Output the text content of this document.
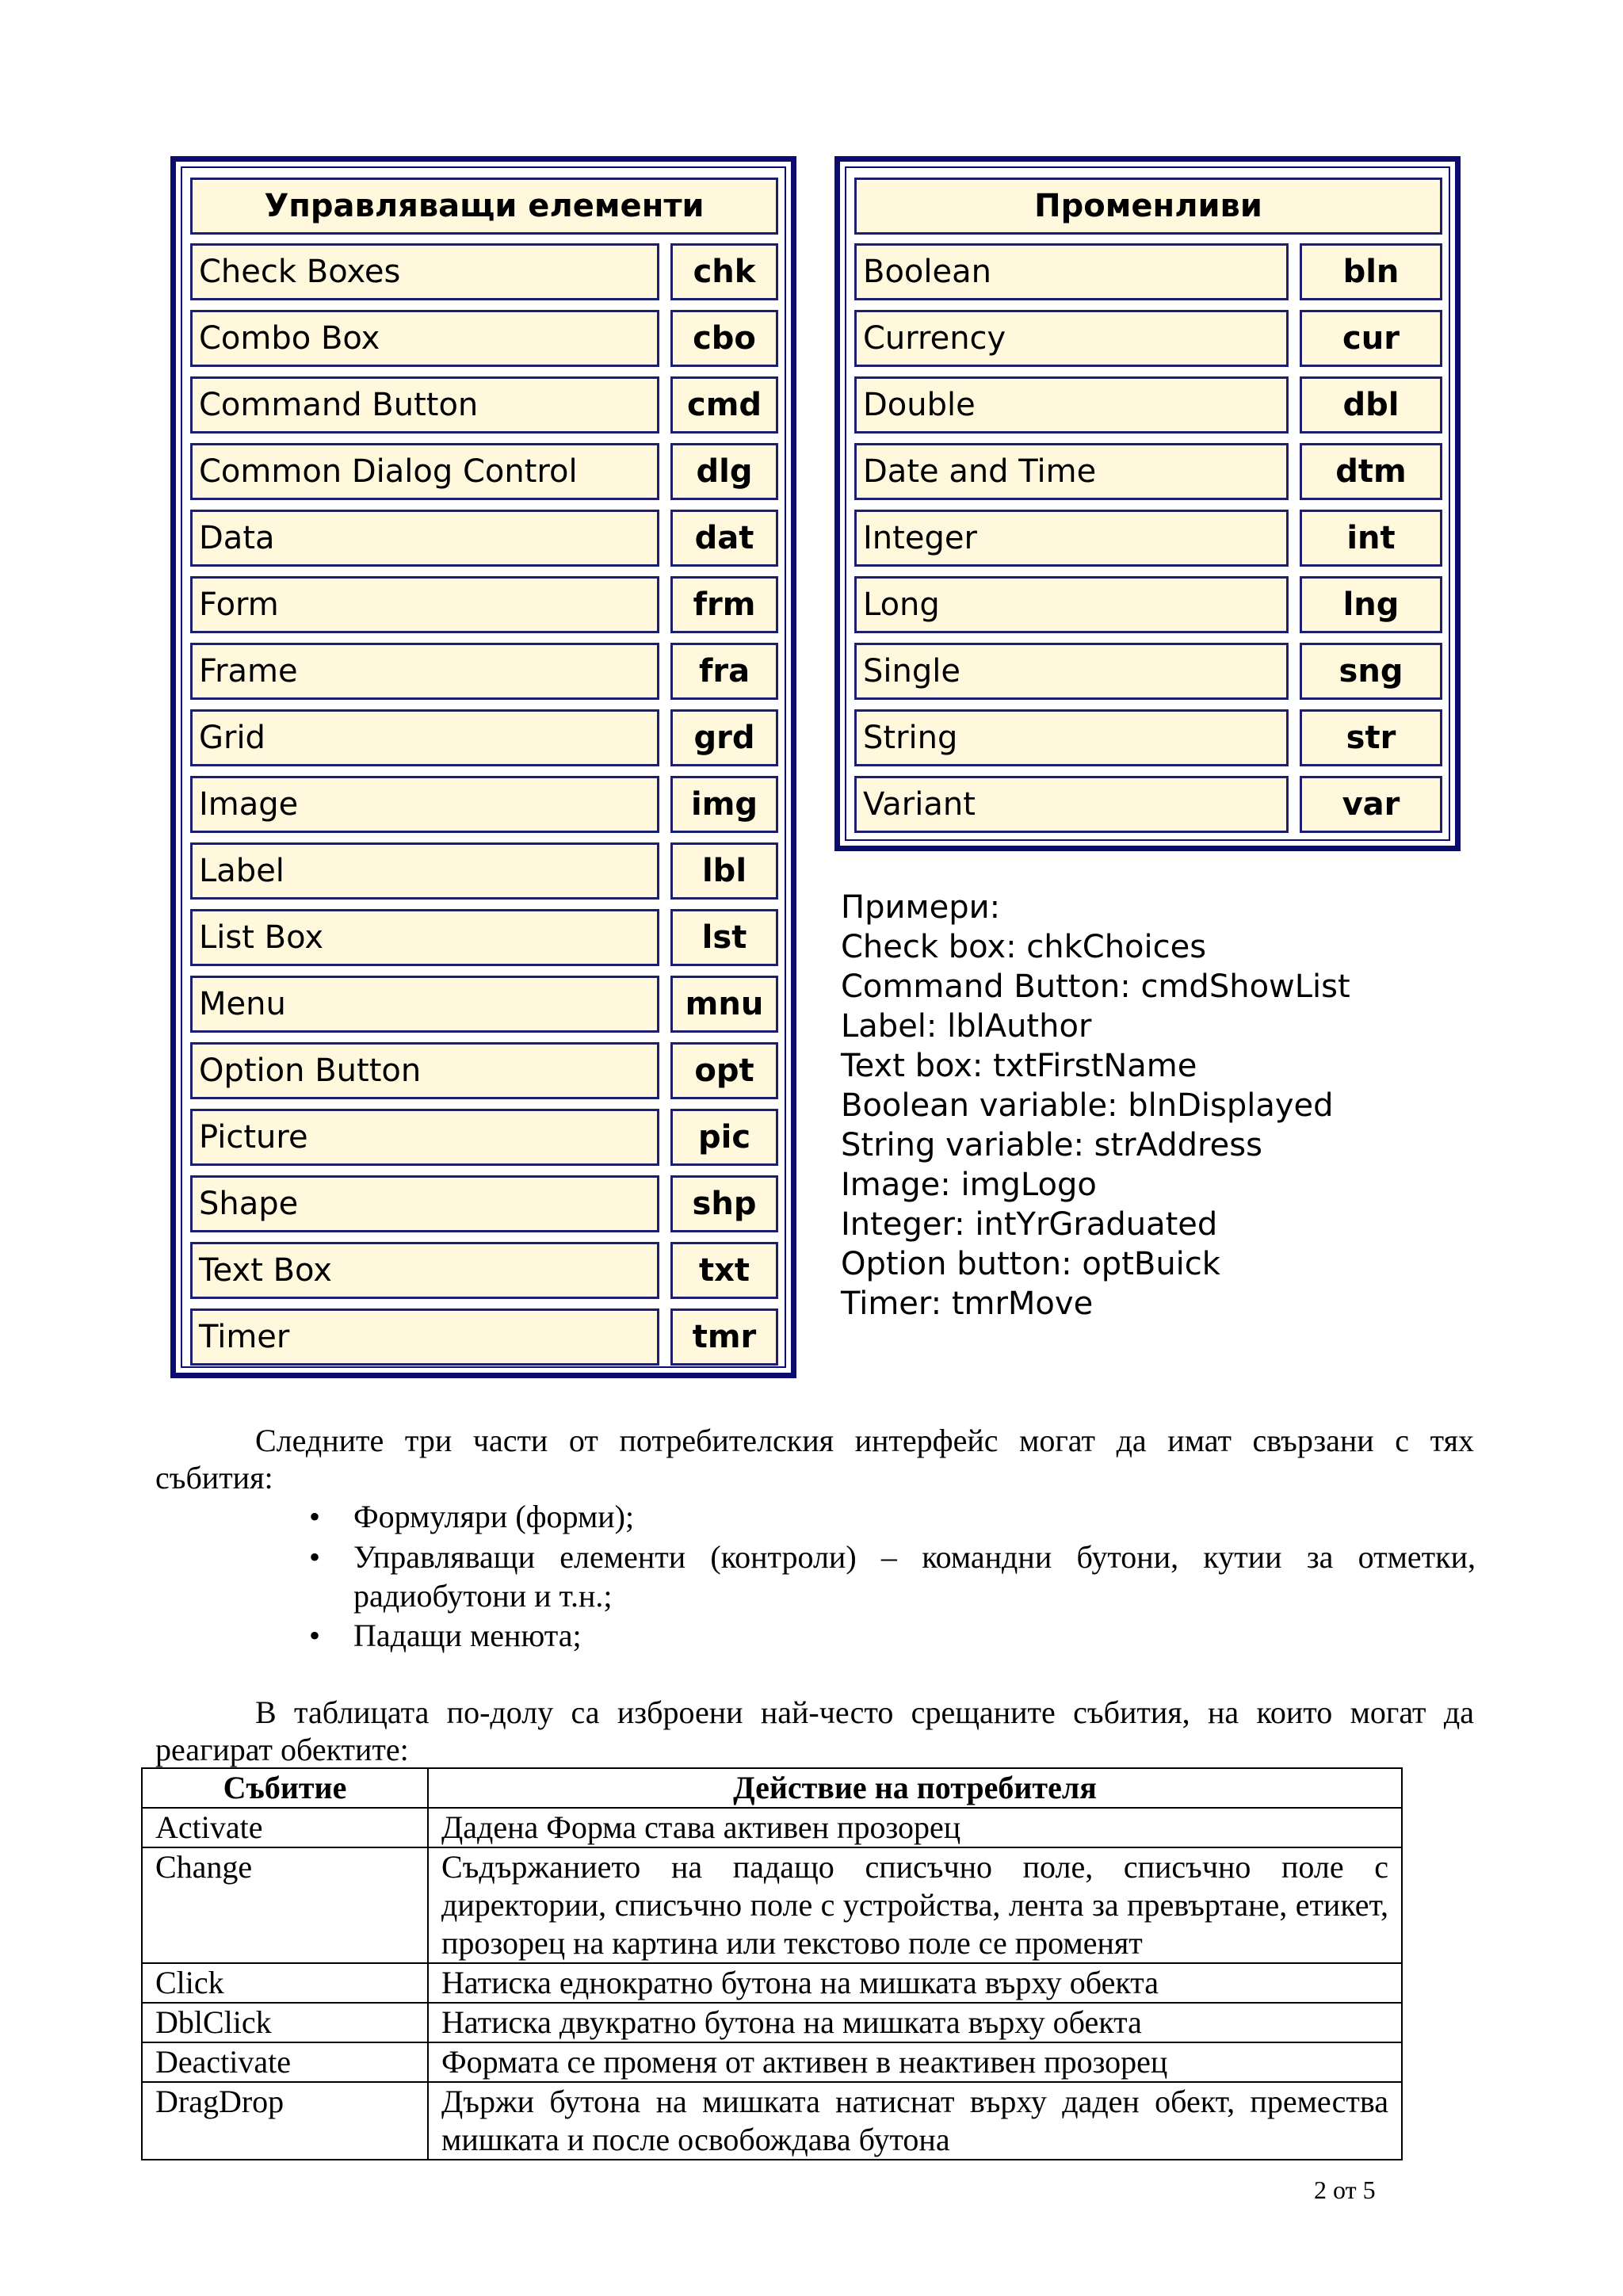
Управляващи елементи
Check Boxes	chk
Combo Box	cbo
Command Button	cmd
Common Dialog Control	dlg
Data	dat
Form	frm
Frame	fra
Grid	grd
Image	img
Label	lbl
List Box	lst
Menu	mnu
Option Button	opt
Picture	pic
Shape	shp
Text Box	txt
Timer	tmr
Променливи
Boolean	bln
Currency	cur
Double	dbl
Date and Time	dtm
Integer	int
Long	lng
Single	sng
String	str
Variant	var
Примери:
Check box: chkChoices
Command Button: cmdShowList
Label: lblAuthor
Text box: txtFirstName
Boolean variable: blnDisplayed
String variable: strAddress
Image: imgLogo
Integer: intYrGraduated
Option button: optBuick
Timer: tmrMove
Следните три части от потребителския интерфейс могат да имат свързани с тях
събития:
• Формуляри (форми);
• Управляващи елементи (контроли) – командни бутони, кутии за отметки,
радиобутони и т.н.;
• Падащи менюта;
В таблицата по-долу са изброени най-често срещаните събития, на които могат да
реагират обектите:
Събитие	Действие на потребителя
Activate	Дадена Форма става активен прозорец
Change	Съдържанието на падащо списъчно поле, списъчно поле с директории, списъчно поле с устройства, лента за превъртане, етикет, прозорец на картина или текстово поле се променят
Click	Натиска еднократно бутона на мишката върху обекта
DblClick	Натиска двукратно бутона на мишката върху обекта
Deactivate	Формата се променя от активен в неактивен прозорец
DragDrop	Държи бутона на мишката натиснат върху даден обект, премества мишката и после освобождава бутона
2 от 5
